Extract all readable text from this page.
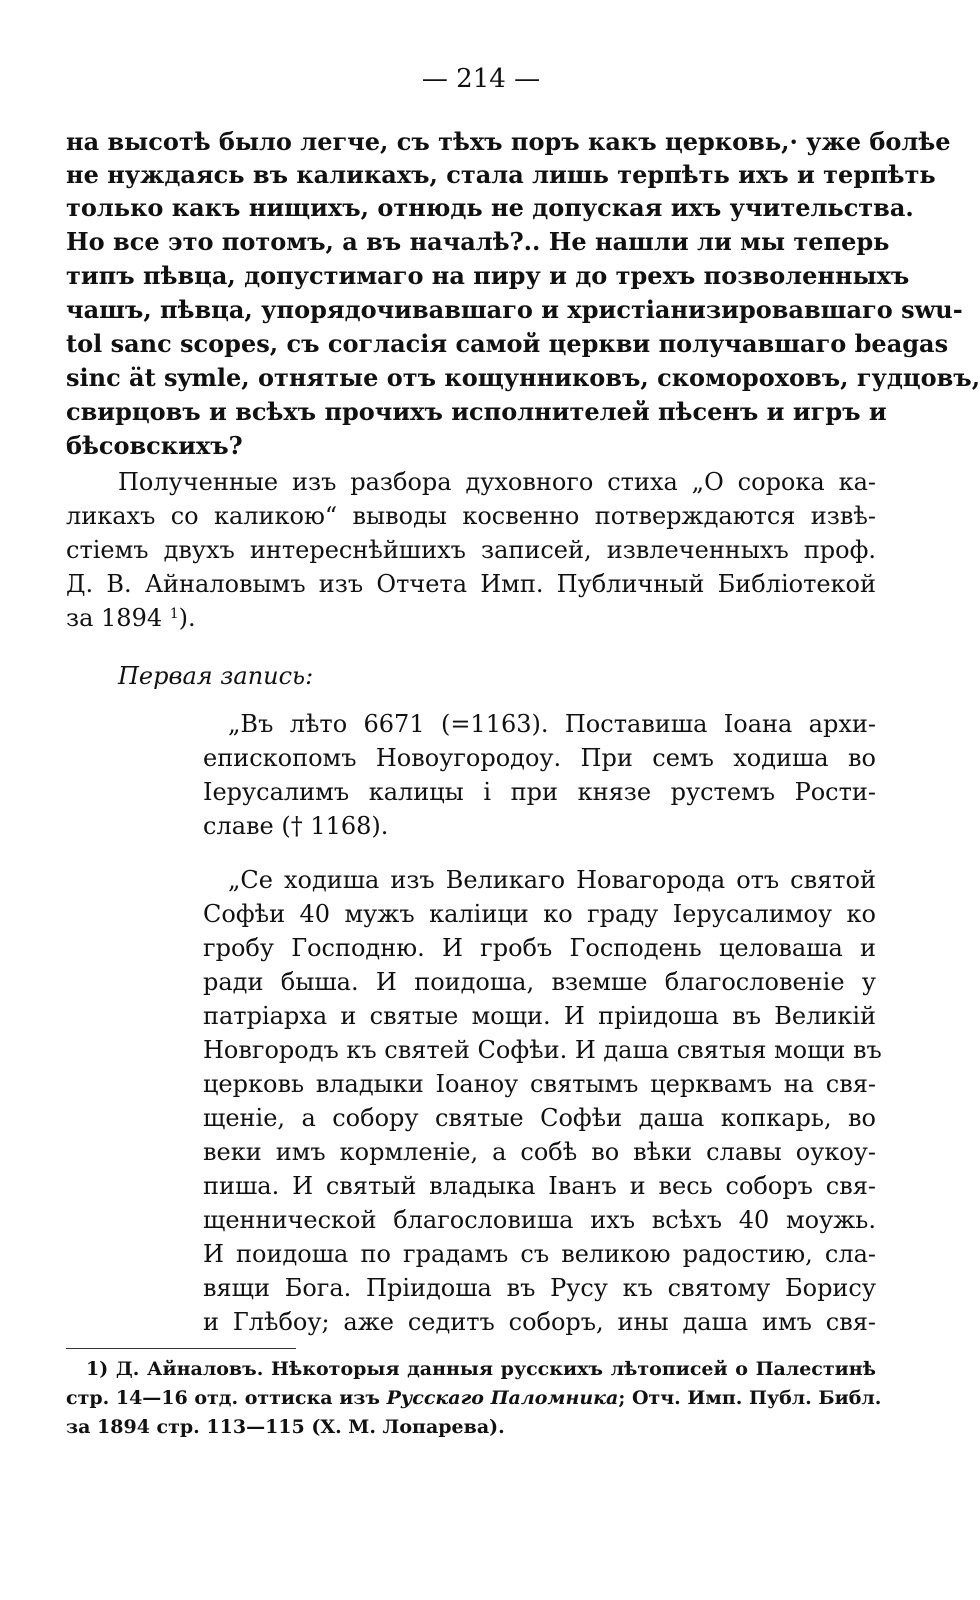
— 214 —
на высотѣ было легче, съ тѣхъ поръ какъ церковь,· уже болѣе
не нуждаясь въ каликахъ, стала лишь терпѣть ихъ и терпѣть
только какъ нищихъ, отнюдь не допуская ихъ учительства.
Но все это потомъ, а въ началѣ?.. Не нашли ли мы теперь
типъ пѣвца, допустимаго на пиру и до трехъ позволенныхъ
чашъ, пѣвца, упорядочивавшаго и христіанизировавшаго swu-
tol sanc scopes, съ согласія самой церкви получавшаго beagas
sinc ät symle, отнятые отъ кощунниковъ, скомороховъ, гудцовъ,
свирцовъ и всѣхъ прочихъ исполнителей пѣсенъ и игръ и
бѣсовскихъ?
Полученные изъ разбора духовного стиха „О сорока ка-
ликахъ со каликою“ выводы косвенно потверждаются извѣ-
стіемъ двухъ интереснѣйшихъ записей, извлеченныхъ проф.
Д. В. Айналовымъ изъ Отчета Имп. Публичный Библіотекой
за 1894 $^1$).
Первая запись:
„Въ лѣто 6671 (=1163). Поставиша Іоана архи-
епископомъ Новоугородоу. При семъ ходиша во
Іерусалимъ калицы і при князе рустемъ Рости-
славе († 1168).
„Се ходиша изъ Великаго Новагорода отъ святой
Софѣи 40 мужъ каліици ко граду Іерусалимоу ко
гробу Господню. И гробъ Господень целоваша и
ради быша. И поидоша, вземше благословеніе у
патріарха и святые мощи. И пріидоша въ Великій
Новгородъ къ святей Софѣи. И даша святыя мощи въ
церковь владыки Іоаноу святымъ церквамъ на свя-
щеніе, а собору святые Софѣи даша копкарь, во
веки имъ кормленіе, а собѣ во вѣки славы оукоу-
пиша. И святый владыка Іванъ и весь соборъ свя-
щеннической благословиша ихъ всѣхъ 40 моужь.
И поидоша по градамъ съ великою радостию, сла-
вящи Бога. Пріидоша въ Русу къ святому Борису
и Глѣбоу; аже седитъ соборъ, ины даша имъ свя-
1) Д. Айналовъ. Нѣкоторыя данныя русскихъ лѣтописей о Палестинѣ
стр. 14—16 отд. оттиска изъ Русскаго Паломника; Отч. Имп. Публ. Библ.
за 1894 стр. 113—115 (Х. М. Лопарева).
